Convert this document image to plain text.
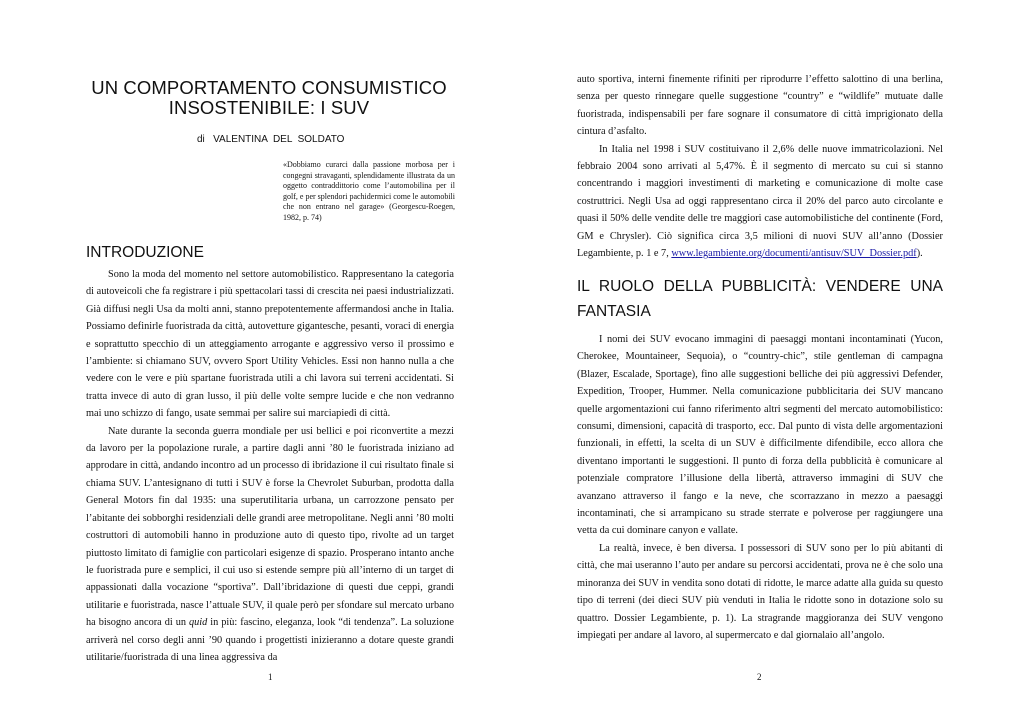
UN COMPORTAMENTO CONSUMISTICO
INSOSTENIBILE: I SUV
di   VALENTINA  DEL  SOLDATO
«Dobbiamo curarci dalla passione morbosa per i congegni stravaganti, splendidamente illustrata da un oggetto contraddittorio come l’automobilina per il golf, e per splendori pachidermici come le automobili che non entrano nel garage» (Georgescu-Roegen, 1982, p. 74)
INTRODUZIONE

Sono la moda del momento nel settore automobilistico. Rappresentano la categoria di autoveicoli che fa registrare i più spettacolari tassi di crescita nei paesi industrializzati. Già diffusi negli Usa da molti anni, stanno prepotentemente affermandosi anche in Italia. Possiamo definirle fuoristrada da città, autovetture gigantesche, pesanti, voraci di energia e soprattutto specchio di un atteggiamento arrogante e aggressivo verso il prossimo e l’ambiente: si chiamano SUV, ovvero Sport Utility Vehicles. Essi non hanno nulla a che vedere con le vere e più spartane fuoristrada utili a chi lavora sui terreni accidentati. Si tratta invece di auto di gran lusso, il più delle volte sempre lucide e che non vedranno mai uno schizzo di fango, usate semmai per salire sui marciapiedi di città.

Nate durante la seconda guerra mondiale per usi bellici e poi riconvertite a mezzi da lavoro per la popolazione rurale, a partire dagli anni ’80 le fuoristrada iniziano ad approdare in città, andando incontro ad un processo di ibridazione il cui risultato finale si chiama SUV. L’antesignano di tutti i SUV è forse la Chevrolet Suburban, prodotta dalla General Motors fin dal 1935: una superutilitaria urbana, un carrozzone pensato per l’abitante dei sobborghi residenziali delle grandi aree metropolitane. Negli anni ’80 molti costruttori di automobili hanno in produzione auto di questo tipo, rivolte ad un target piuttosto limitato di famiglie con particolari esigenze di spazio. Prosperano intanto anche le fuoristrada pure e semplici, il cui uso si estende sempre più all’interno di un target di appassionati dalla vocazione “sportiva”. Dall’ibridazione di questi due ceppi, grandi utilitarie e fuoristrada, nasce l’attuale SUV, il quale però per sfondare sul mercato urbano ha bisogno ancora di un quid in più: fascino, eleganza, look “di tendenza”. La soluzione arriverà nel corso degli anni ’90 quando i progettisti inizieranno a dotare queste grandi utilitarie/fuoristrada di una linea aggressiva da

1

auto sportiva, interni finemente rifiniti per riprodurre l’effetto salottino di una berlina, senza per questo rinnegare quelle suggestione “country” e “wildlife” mutuate dalle fuoristrada, indispensabili per fare sognare il consumatore di città imprigionato della cintura d’asfalto.

In Italia nel 1998 i SUV costituivano il 2,6% delle nuove immatricolazioni. Nel febbraio 2004 sono arrivati al 5,47%. È il segmento di mercato su cui si stanno concentrando i maggiori investimenti di marketing e comunicazione di molte case costruttrici. Negli Usa ad oggi rappresentano circa il 20% del parco auto circolante e quasi il 50% delle vendite delle tre maggiori case automobilistiche del continente (Ford, GM e Chrysler). Ciò significa circa 3,5 milioni di nuovi SUV all’anno (Dossier Legambiente, p. 1 e 7, www.legambiente.org/documenti/antisuv/SUV_Dossier.pdf).

IL RUOLO DELLA PUBBLICITÀ: VENDERE UNA FANTASIA

I nomi dei SUV evocano immagini di paesaggi montani incontaminati (Yucon, Cherokee, Mountaineer, Sequoia), o “country-chic”, stile gentleman di campagna (Blazer, Escalade, Sportage), fino alle suggestioni belliche dei più aggressivi Defender, Expedition, Trooper, Hummer. Nella comunicazione pubblicitaria dei SUV mancano quelle argomentazioni cui fanno riferimento altri segmenti del mercato automobilistico: consumi, dimensioni, capacità di trasporto, ecc. Dal punto di vista delle argomentazioni funzionali, in effetti, la scelta di un SUV è difficilmente difendibile, ecco allora che diventano importanti le suggestioni. Il punto di forza della pubblicità è comunicare al potenziale compratore l’illusione della libertà, attraverso immagini di SUV che avanzano attraverso il fango e la neve, che scorrazzano in mezzo a paesaggi incontaminati, che si arrampicano su strade sterrate e polverose per raggiungere una vetta da cui dominare canyon e vallate.

La realtà, invece, è ben diversa. I possessori di SUV sono per lo più abitanti di città, che mai useranno l’auto per andare su percorsi accidentati, prova ne è che solo una minoranza dei SUV in vendita sono dotati di ridotte, le marce adatte alla guida su questo tipo di terreni (dei dieci SUV più venduti in Italia le ridotte sono in dotazione solo su quattro. Dossier Legambiente, p. 1). La stragrande maggioranza dei SUV vengono impiegati per andare al lavoro, al supermercato e dal giornalaio all’angolo.

2
